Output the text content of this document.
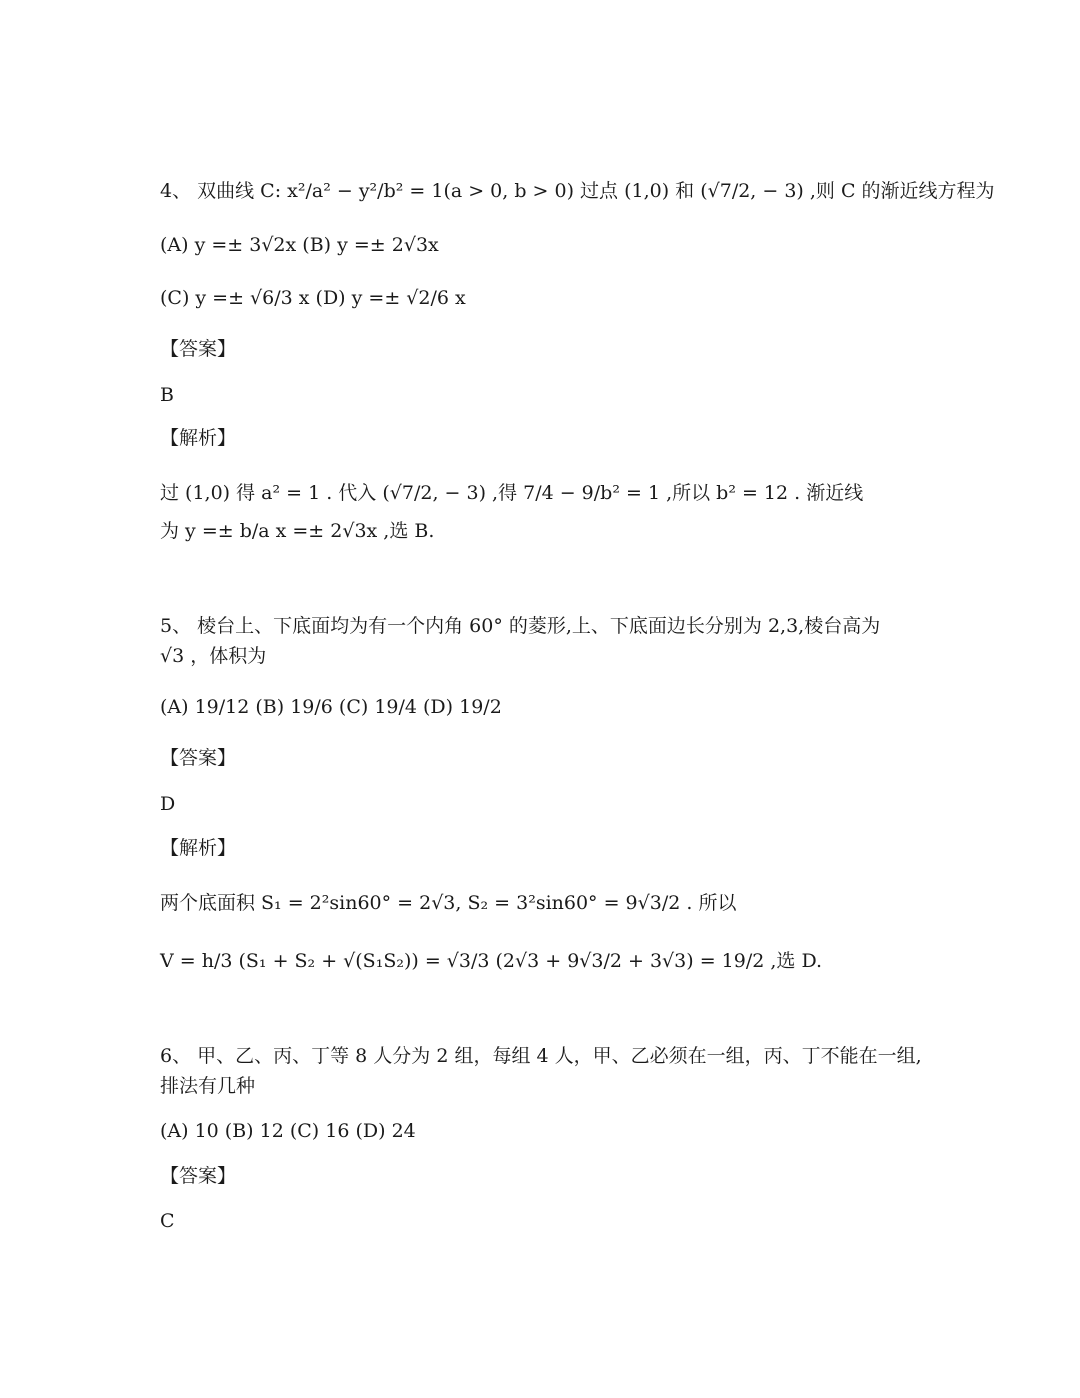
4、 双曲线 C: x²/a² − y²/b² = 1(a > 0, b > 0) 过点 (1,0) 和 (√7/2, − 3) ,则 C 的渐近线方程为
(A) y =± 3√2x (B) y =± 2√3x
(C) y =± √6/3 x (D) y =± √2/6 x
【答案】
B
【解析】
过 (1,0) 得 a² = 1 . 代入 (√7/2, − 3) ,得 7/4 − 9/b² = 1 ,所以 b² = 12 . 渐近线
为 y =± b/a x =± 2√3x ,选 B.
5、 棱台上、下底面均为有一个内角 60° 的菱形,上、下底面边长分别为 2,3,棱台高为
√3 ，体积为
(A) 19/12 (B) 19/6 (C) 19/4 (D) 19/2
【答案】
D
【解析】
两个底面积 S₁ = 2²sin60° = 2√3, S₂ = 3²sin60° = 9√3/2 . 所以
V = h/3 (S₁ + S₂ + √(S₁S₂)) = √3/3 (2√3 + 9√3/2 + 3√3) = 19/2 ,选 D.
6、 甲、乙、丙、丁等 8 人分为 2 组，每组 4 人，甲、乙必须在一组，丙、丁不能在一组,
排法有几种
(A) 10 (B) 12 (C) 16 (D) 24
【答案】
C
